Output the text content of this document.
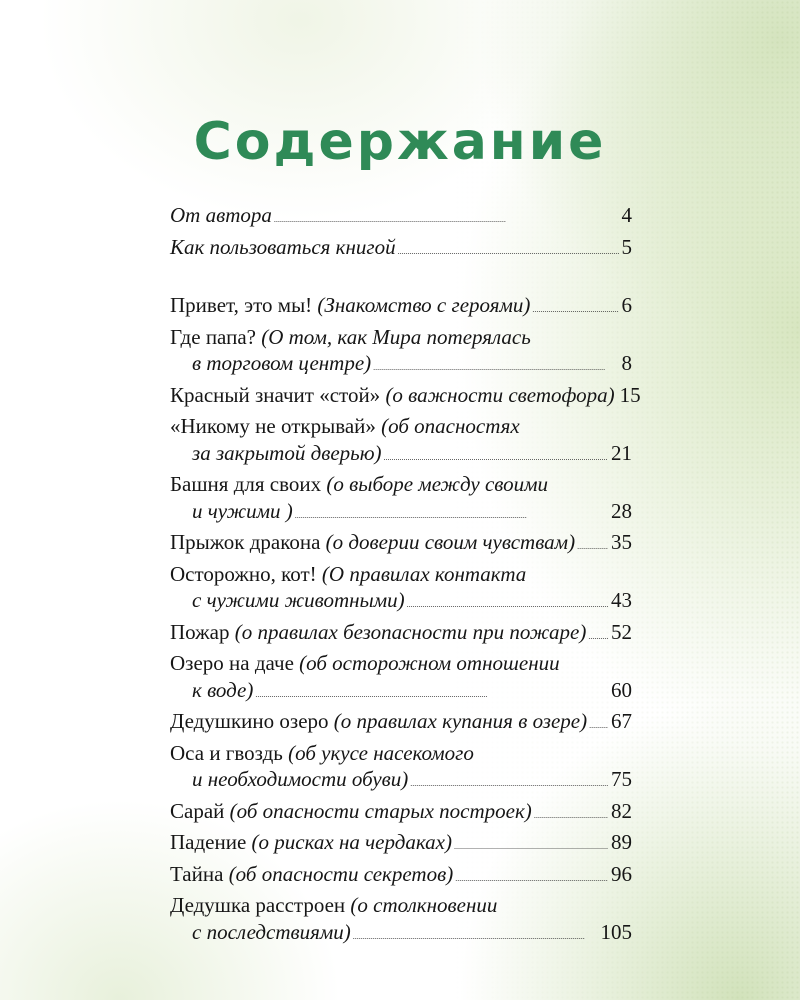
Содержание
От автора . . .	4
Как пользоваться книгой . . .	5
Привет, это мы!
(Знакомство с героями) . . .	6
Где папа?
(О том, как Мира потерялась
в торговом центре) . . .	8
Красный значит «стой»
(о важности светофора) 15
«Никому не открывай»
(об опасностях
за закрытой дверью) . . .	21
Башня для своих
(о выборе между своими
и чужими ) . . .	28
Прыжок дракона
(о доверии своим чувствам) . . . 35
Осторожно, кот!
(О правилах контакта
с чужими животными) . . .	43
Пожар
(о правилах безопасности при пожаре) . . . 52
Озеро на даче
(об осторожном отношении
к воде) . . .	60
Дедушкино озеро
(о правилах купания в озере) . . . 67
Оса и гвоздь
(об укусе насекомого
и необходимости обуви) . . .	75
Сарай
(об опасности старых построек) . . .	82
Падение
(о рисках на чердаках) . . .	89
Тайна
(об опасности секретов) . . .	96
Дедушка расстроен
(о столкновении
с последствиями) . . .	105
